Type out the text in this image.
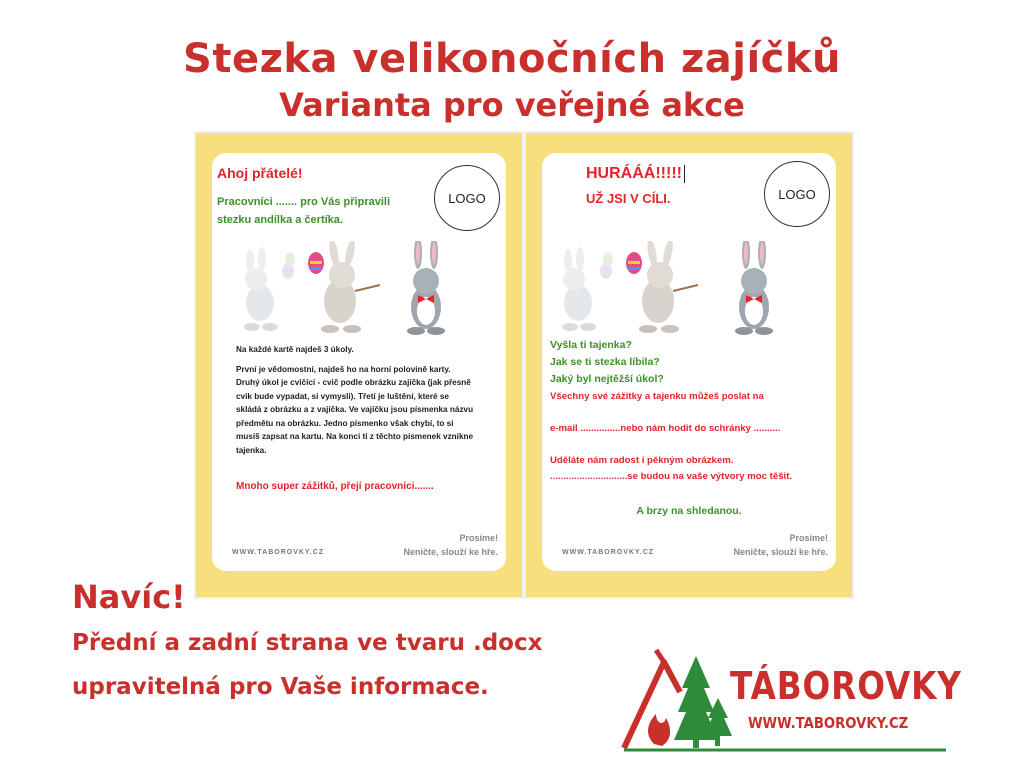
Stezka velikonočních zajíčků
Varianta pro veřejné akce
Ahoj přátelé!
Pracovníci ....... pro Vás připravili stezku andílka a čertíka.
LOGO

Na každé kartě najdeš 3 úkoly.

První je vědomostní, najdeš ho na horní polovině karty. Druhý úkol je cvičící - cvič podle obrázku zajíčka (jak přesně cvik bude vypadat, si vymysli). Třetí je luštění, které se skládá z obrázku a z vajíčka. Ve vajíčku jsou písmenka názvu předmětu na obrázku. Jedno písmenko však chybí, to si musíš zapsat na kartu. Na konci ti z těchto písmenek vznikne tajenka.

Mnoho super zážitků, přejí pracovníci.......
WWW.TABOROVKY.CZ
Prosíme!
Neničte, slouží ke hře.
HURÁÁÁ!!!!!
UŽ JSI V CÍLI.	LOGO
Vyšla ti tajenka?
Jak se ti stezka líbila?
Jaký byl nejtěžší úkol?
Všechny své zážitky a tajenku můžeš poslat na
e-mail ...............nebo nám hodit do schránky ..........
Uděláte nám radost i pěkným obrázkem. .............................se budou na vaše výtvory moc těšit.
A brzy na shledanou.
WWW.TABOROVKY.CZ
Prosíme!
Neničte, slouží ke hře.
Navíc!
Přední a zadní strana ve tvaru .docx
upravitelná pro Vaše informace.	TÁBOROVKY
WWW.TABOROVKY.CZ
